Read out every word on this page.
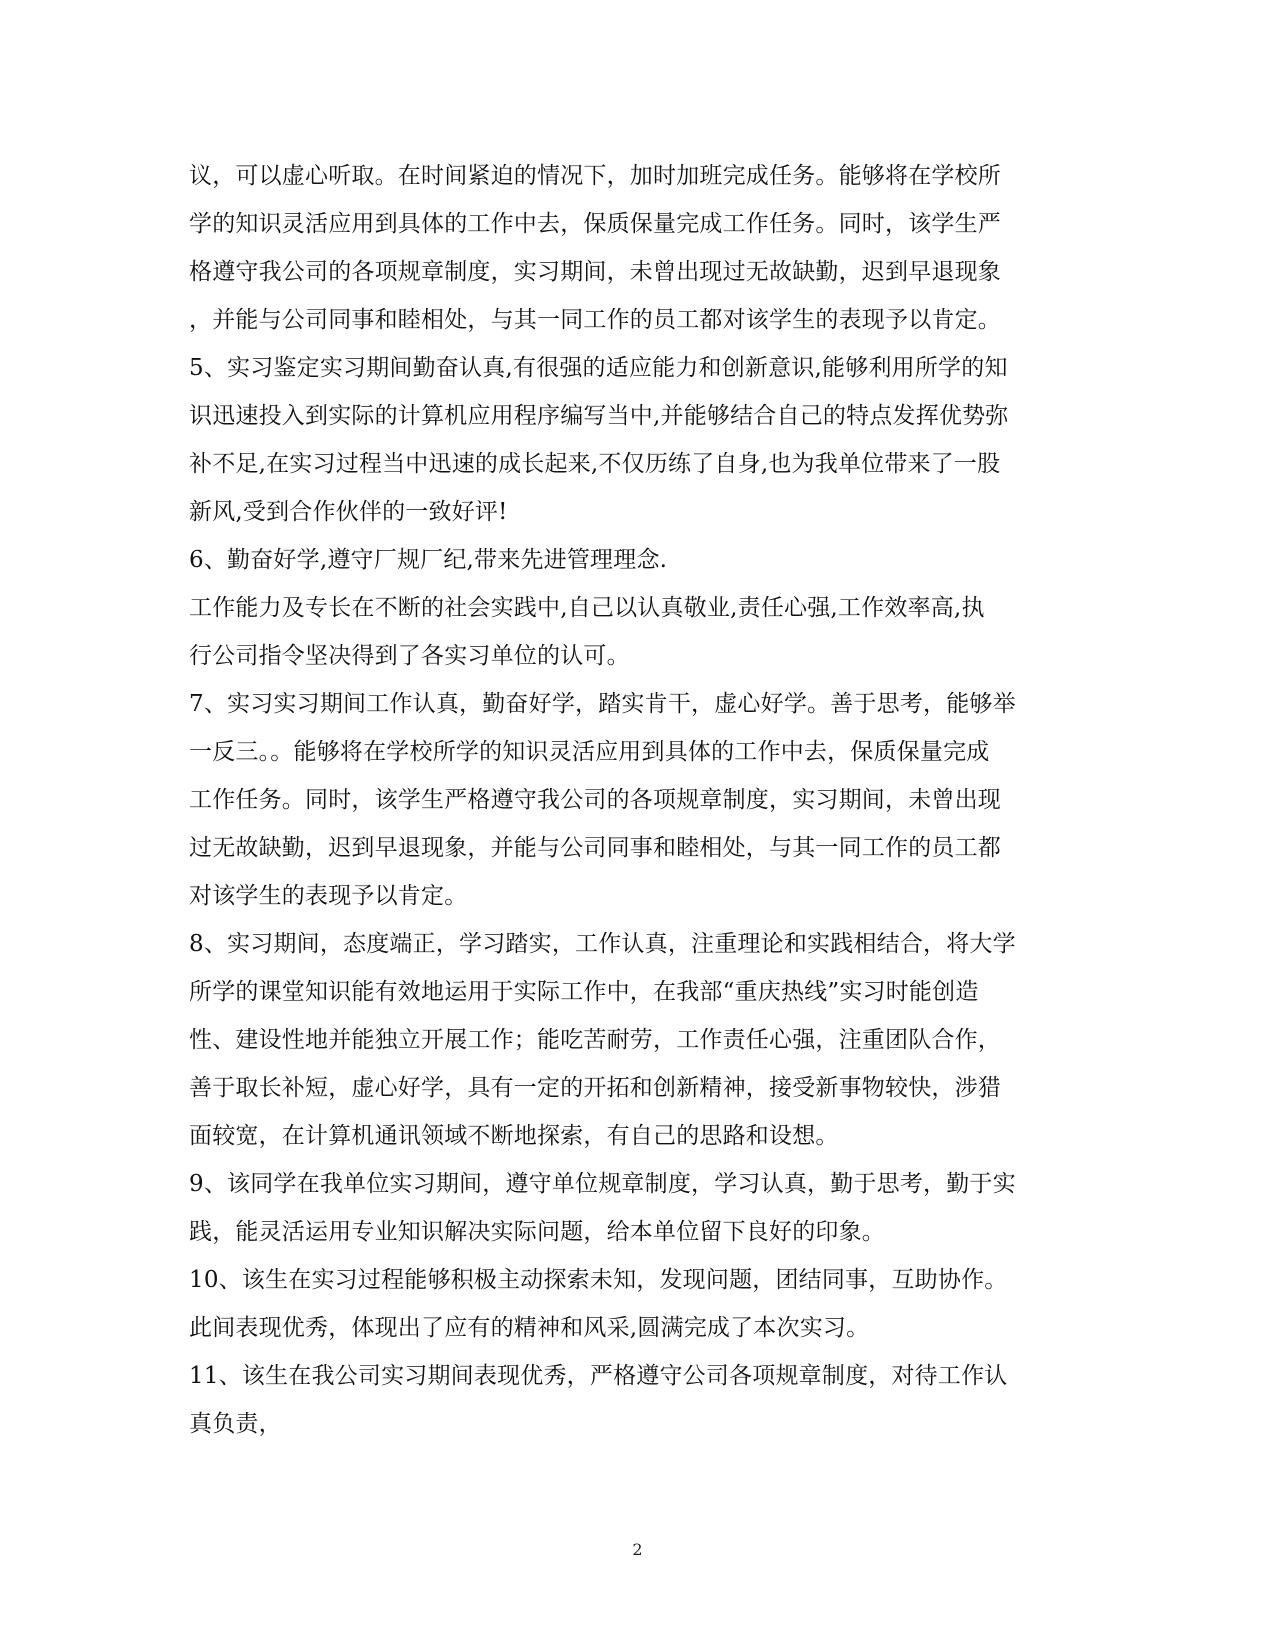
议，可以虚心听取。在时间紧迫的情况下，加时加班完成任务。能够将在学校所
学的知识灵活应用到具体的工作中去，保质保量完成工作任务。同时，该学生严
格遵守我公司的各项规章制度，实习期间，未曾出现过无故缺勤，迟到早退现象
，并能与公司同事和睦相处，与其一同工作的员工都对该学生的表现予以肯定。
5、实习鉴定实习期间勤奋认真,有很强的适应能力和创新意识,能够利用所学的知
识迅速投入到实际的计算机应用程序编写当中,并能够结合自己的特点发挥优势弥
补不足,在实习过程当中迅速的成长起来,不仅历练了自身,也为我单位带来了一股
新风,受到合作伙伴的一致好评!
6、勤奋好学,遵守厂规厂纪,带来先进管理理念.
工作能力及专长在不断的社会实践中,自己以认真敬业,责任心强,工作效率高,执
行公司指令坚决得到了各实习单位的认可。
7、实习实习期间工作认真，勤奋好学，踏实肯干，虚心好学。善于思考，能够举
一反三。。能够将在学校所学的知识灵活应用到具体的工作中去，保质保量完成
工作任务。同时，该学生严格遵守我公司的各项规章制度，实习期间，未曾出现
过无故缺勤，迟到早退现象，并能与公司同事和睦相处，与其一同工作的员工都
对该学生的表现予以肯定。
8、实习期间，态度端正，学习踏实，工作认真，注重理论和实践相结合，将大学
所学的课堂知识能有效地运用于实际工作中，在我部“重庆热线”实习时能创造
性、建设性地并能独立开展工作；能吃苦耐劳，工作责任心强，注重团队合作，
善于取长补短，虚心好学，具有一定的开拓和创新精神，接受新事物较快，涉猎
面较宽，在计算机通讯领域不断地探索，有自己的思路和设想。
9、该同学在我单位实习期间，遵守单位规章制度，学习认真，勤于思考，勤于实
践，能灵活运用专业知识解决实际问题，给本单位留下良好的印象。
10、该生在实习过程能够积极主动探索未知，发现问题，团结同事，互助协作。
此间表现优秀，体现出了应有的精神和风采,圆满完成了本次实习。
11、该生在我公司实习期间表现优秀，严格遵守公司各项规章制度，对待工作认
真负责，
2
